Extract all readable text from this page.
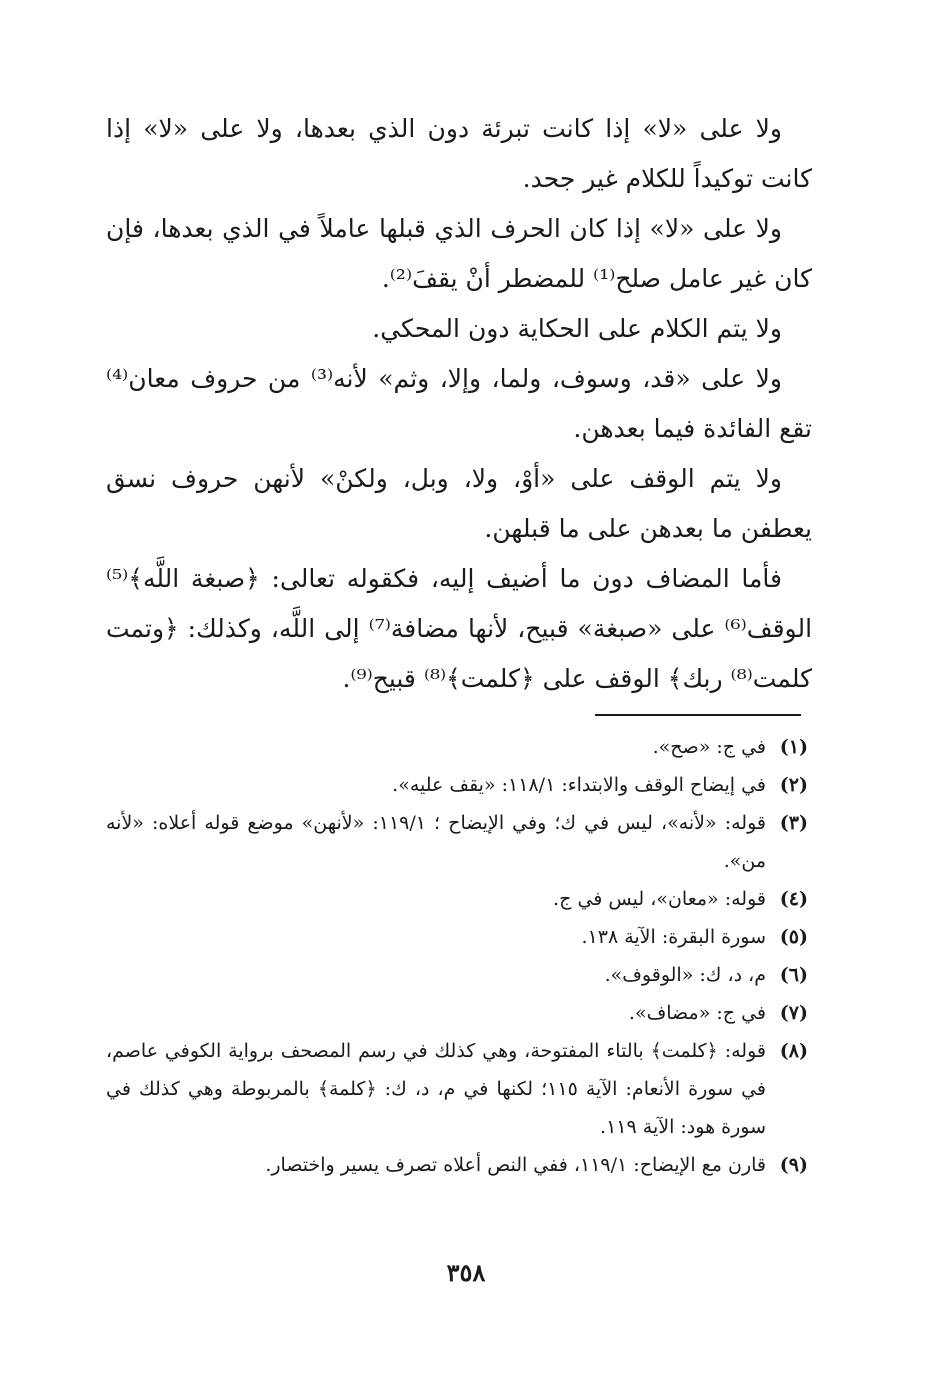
ولا على «لا» إذا كانت تبرئة دون الذي بعدها، ولا على «لا» إذا كانت توكيداً للكلام غير جحد.

ولا على «لا» إذا كان الحرف الذي قبلها عاملاً في الذي بعدها، فإن كان غير عامل صلح⁽¹⁾ للمضطر أنْ يقفَ⁽²⁾.

ولا يتم الكلام على الحكاية دون المحكي.

ولا على «قد، وسوف، ولما، وإلا، وثم» لأنه⁽³⁾ من حروف معان⁽⁴⁾ تقع الفائدة فيما بعدهن.

ولا يتم الوقف على «أوْ، ولا، وبل، ولكنْ» لأنهن حروف نسق يعطفن ما بعدهن على ما قبلهن.

فأما المضاف دون ما أضيف إليه، فكقوله تعالى: ﴿صبغة اللَّه﴾⁽⁵⁾ الوقف⁽⁶⁾ على «صبغة» قبيح، لأنها مضافة⁽⁷⁾ إلى اللَّه، وكذلك: ﴿وتمت كلمت⁽⁸⁾ ربك﴾ الوقف على ﴿كلمت﴾⁽⁸⁾ قبيح⁽⁹⁾.

(١)
في ج: «صح».
(٢)
في إيضاح الوقف والابتداء: ١١٨/١: «يقف عليه».
(٣)
قوله: «لأنه»، ليس في ك؛ وفي الإيضاح ؛ ١١٩/١: «لأنهن» موضع قوله أعلاه: «لأنه من».
(٤)
قوله: «معان»، ليس في ج.
(٥)
سورة البقرة: الآية ١٣٨.
(٦)
م، د، ك: «الوقوف».
(٧)
في ج: «مضاف».
(٨)
قوله: ﴿كلمت﴾ بالتاء المفتوحة، وهي كذلك في رسم المصحف برواية الكوفي عاصم، في سورة الأنعام: الآية ١١٥؛ لكنها في م، د، ك: ﴿كلمة﴾ بالمربوطة وهي كذلك في سورة هود: الآية ١١٩.
(٩)
قارن مع الإيضاح: ١١٩/١، ففي النص أعلاه تصرف يسير واختصار.
٣٥٨
